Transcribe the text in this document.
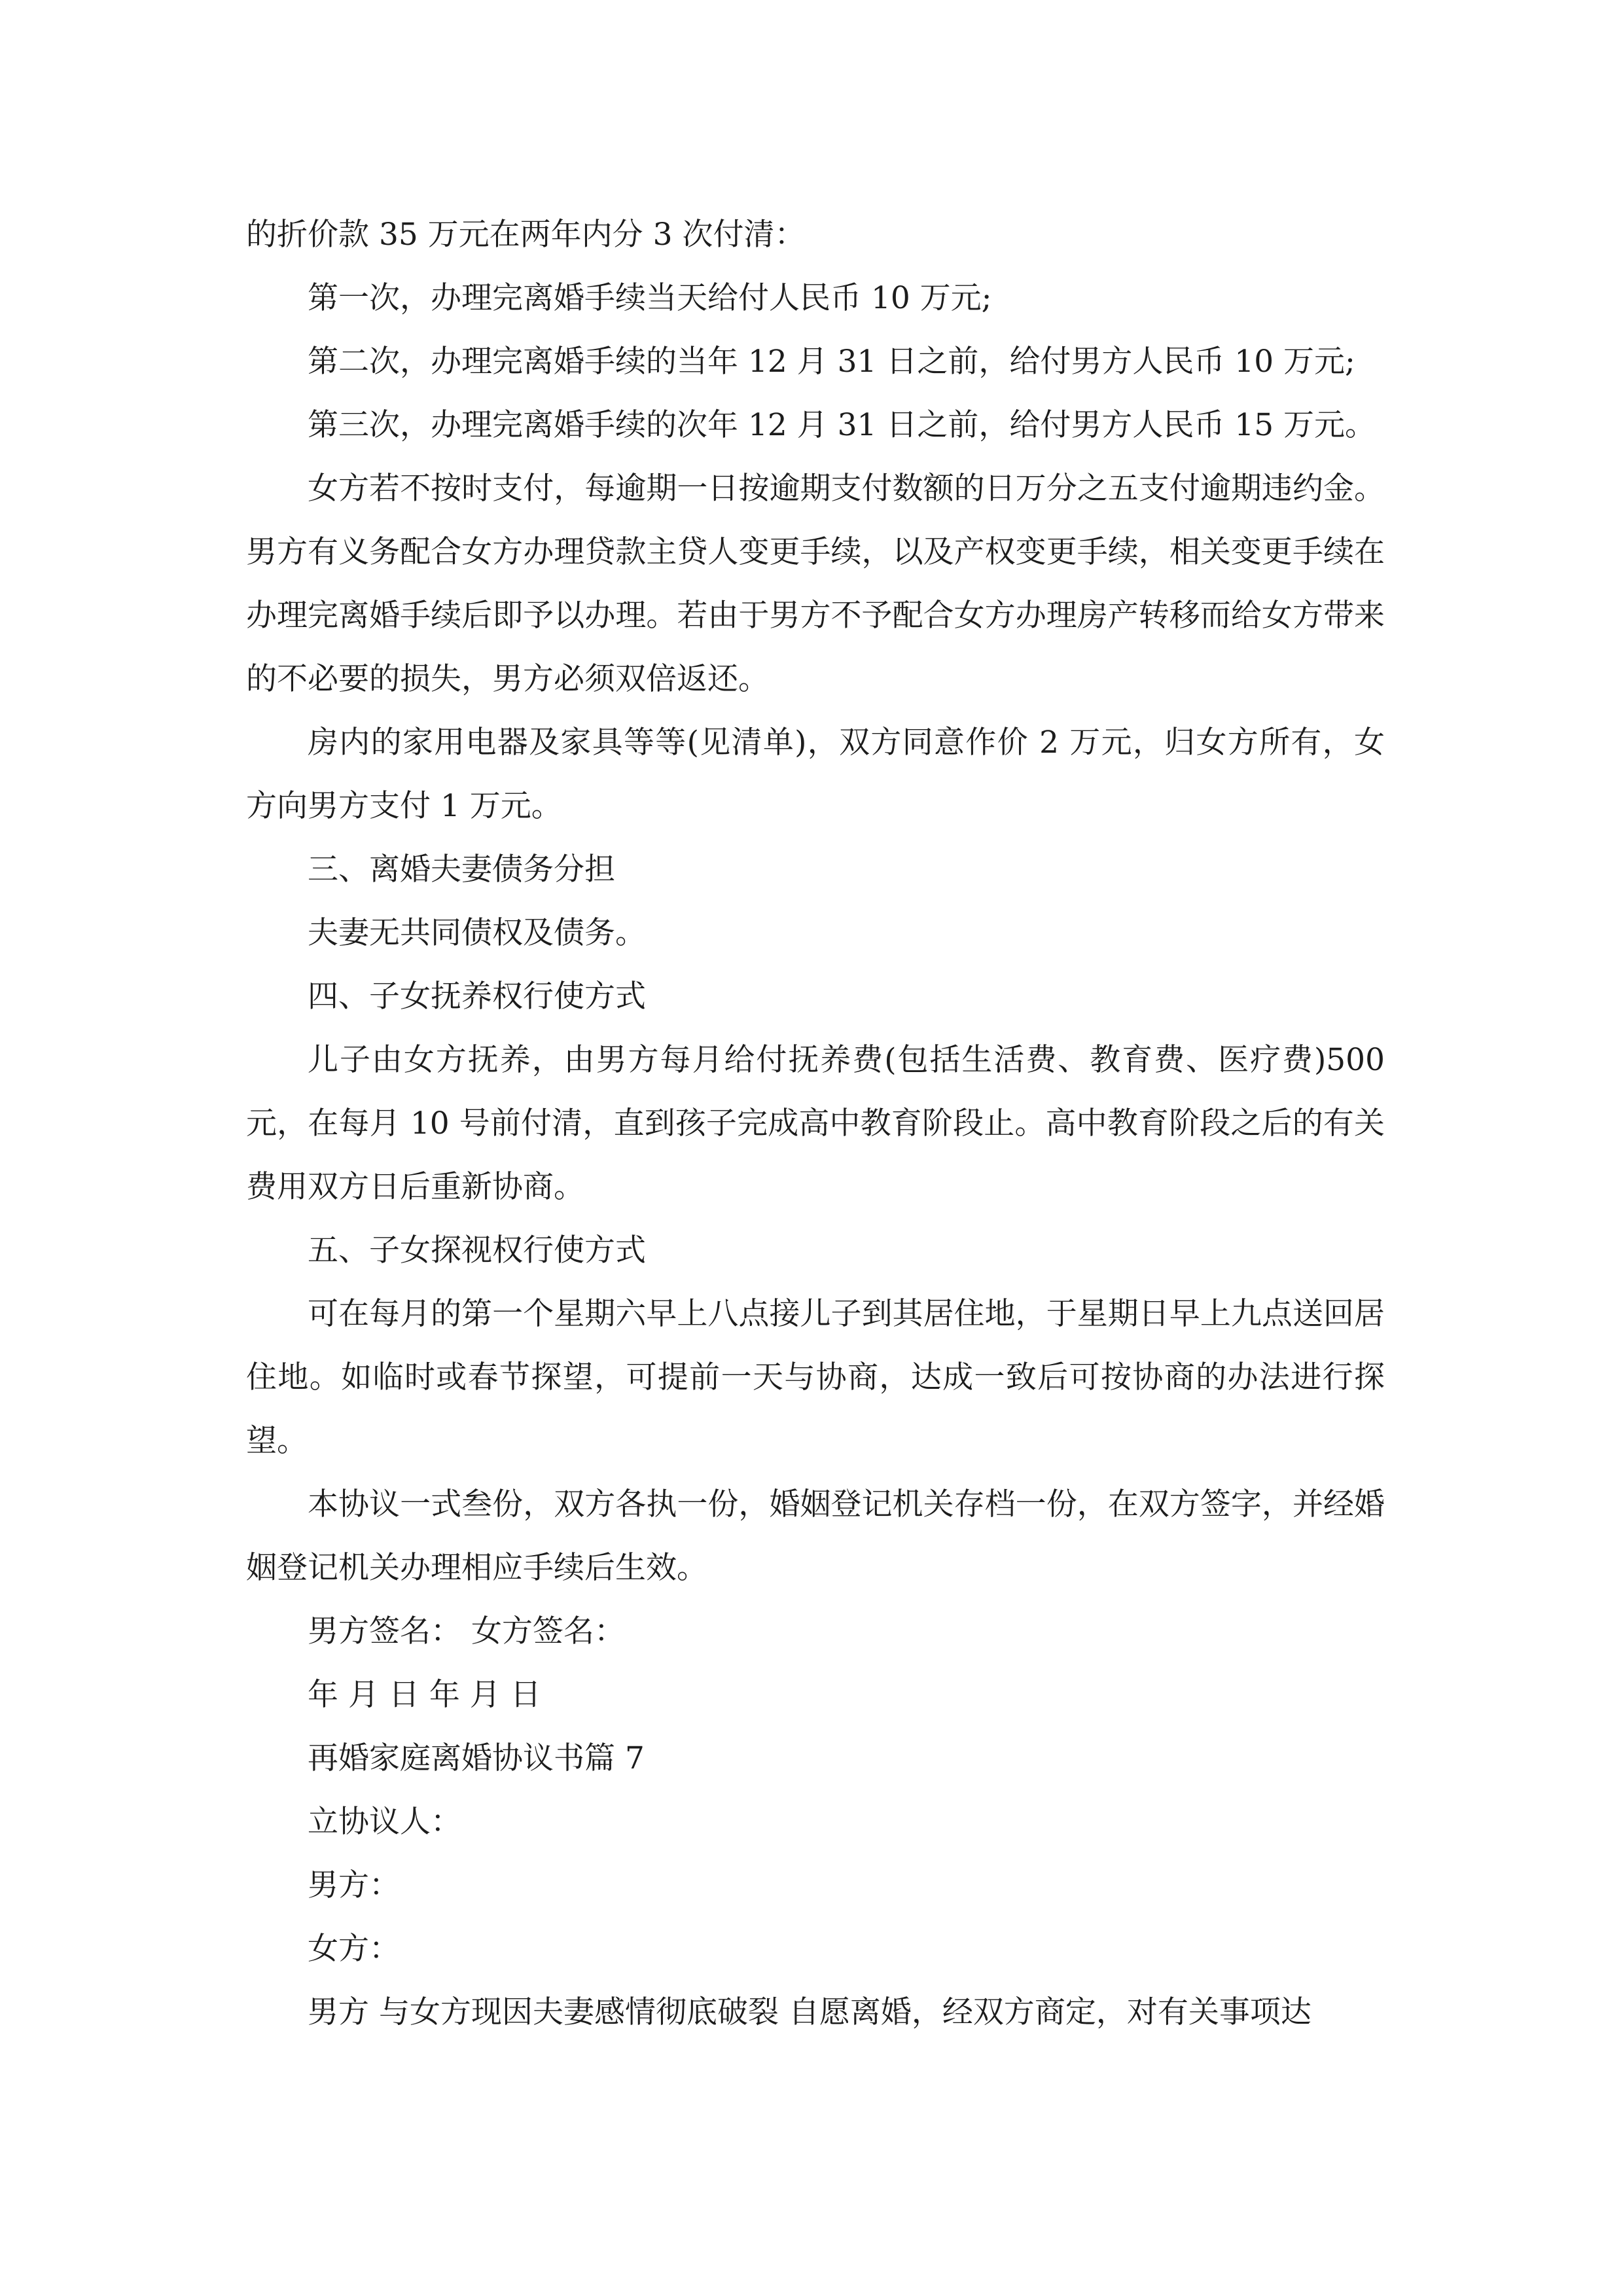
的折价款 35 万元在两年内分 3 次付清：

第一次，办理完离婚手续当天给付人民币 10 万元;

第二次，办理完离婚手续的当年 12 月 31 日之前，给付男方人民币 10 万元;

第三次，办理完离婚手续的次年 12 月 31 日之前，给付男方人民币 15 万元。

女方若不按时支付，每逾期一日按逾期支付数额的日万分之五支付逾期违约金。男方有义务配合女方办理贷款主贷人变更手续，以及产权变更手续，相关变更手续在 办理完离婚手续后即予以办理。若由于男方不予配合女方办理房产转移而给女方带来的不必要的损失，男方必须双倍返还。

房内的家用电器及家具等等(见清单)，双方同意作价 2 万元，归女方所有，女方向男方支付 1 万元。

三、离婚夫妻债务分担

夫妻无共同债权及债务。

四、子女抚养权行使方式

儿子由女方抚养，由男方每月给付抚养费(包括生活费、教育费、医疗费)500 元，在每月 10 号前付清，直到孩子完成高中教育阶段止。高中教育阶段之后的有关费用双方日后重新协商。

五、子女探视权行使方式

可在每月的第一个星期六早上八点接儿子到其居住地，于星期日早上九点送回居住地。如临时或春节探望，可提前一天与协商，达成一致后可按协商的办法进行探望。

本协议一式叁份，双方各执一份，婚姻登记机关存档一份，在双方签字，并经婚姻登记机关办理相应手续后生效。

男方签名： 女方签名：

年 月 日 年 月 日

再婚家庭离婚协议书篇 7

立协议人：

男方：

女方：

男方 与女方现因夫妻感情彻底破裂 自愿离婚，经双方商定，对有关事项达
